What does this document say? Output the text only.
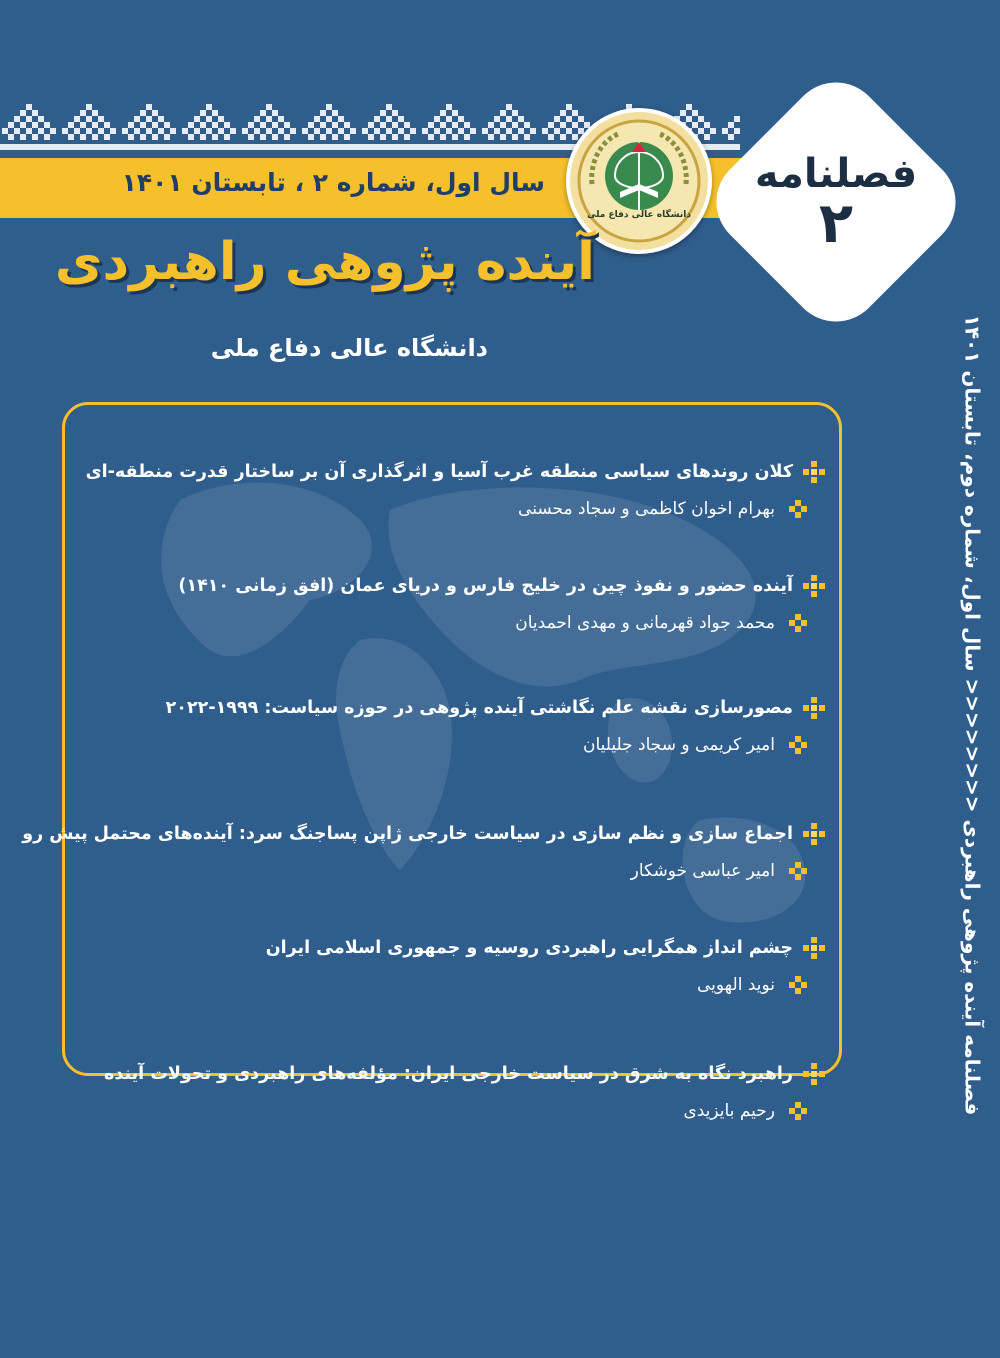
سال اول، شماره ۲ ، تابستان ۱۴۰۱
دانشگاه عالی دفاع ملی
فصلنامه
۲
آینده پژوهی راهبردی
دانشگاه عالی دفاع ملی
کلان روندهای سیاسی منطقه غرب آسیا و اثرگذاری آن بر ساختار قدرت منطقه-ای
بهرام اخوان کاظمی و سجاد محسنی
آینده حضور و نفوذ چین در خلیج فارس و دریای عمان (افق زمانی ۱۴۱۰)
محمد جواد قهرمانی و مهدی احمدیان
مصورسازی نقشه علم نگاشتی آینده پژوهی در حوزه سیاست: ۱۹۹۹-۲۰۲۲
امیر کریمی و سجاد جلیلیان
اجماع سازی و نظم سازی در سیاست خارجی ژاپن پساجنگ سرد: آینده‌های محتمل پیش رو
امیر عباسی خوشکار
چشم انداز همگرایی راهبردی روسیه و جمهوری اسلامی ایران
نوید الهویی
راهبرد نگاه به شرق در سیاست خارجی ایران: مؤلفه‌های راهبردی و تحولات آینده
رحیم بایزیدی
فصلنامه آینده پژوهی راهبردی <<<<<<<< سال اول، شماره دوم، تابستان ۱۴۰۱
